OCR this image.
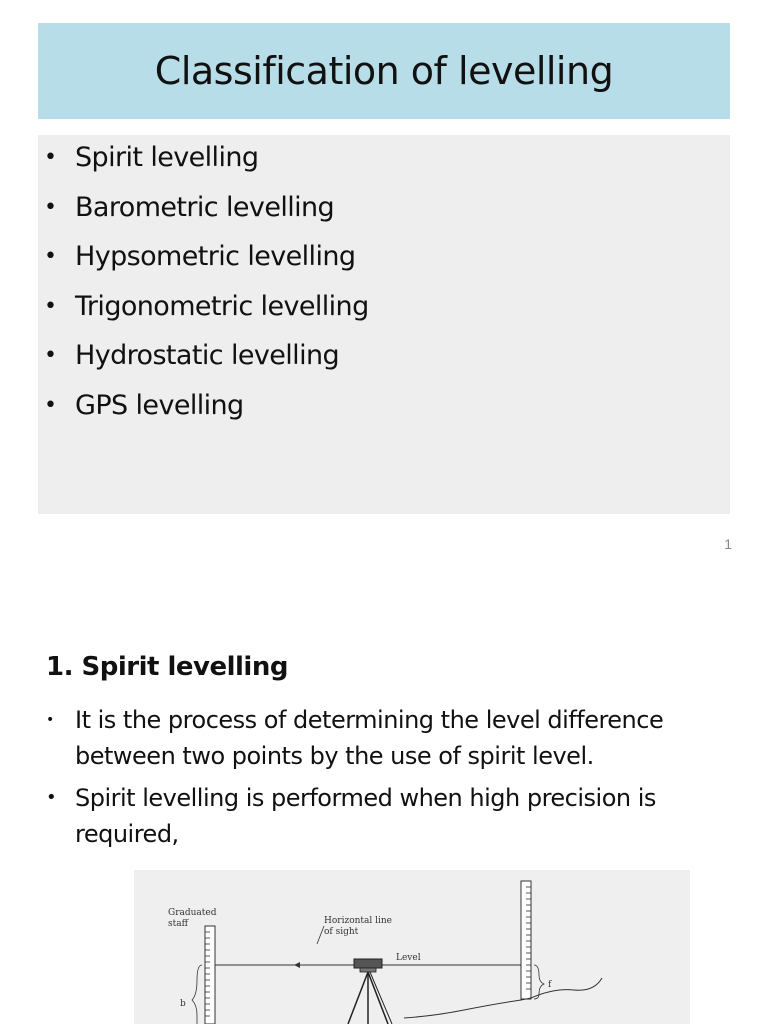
Classification of levelling
• Spirit levelling
• Barometric levelling
• Hypsometric levelling
• Trigonometric levelling
• Hydrostatic levelling
• GPS levelling
1
1. Spirit levelling
• It is the process of determining the level difference between two points by the use of spirit level.
• Spirit levelling is performed when high precision is required,
Graduated
staff	Horizontal line
of sight
Level
b
f
